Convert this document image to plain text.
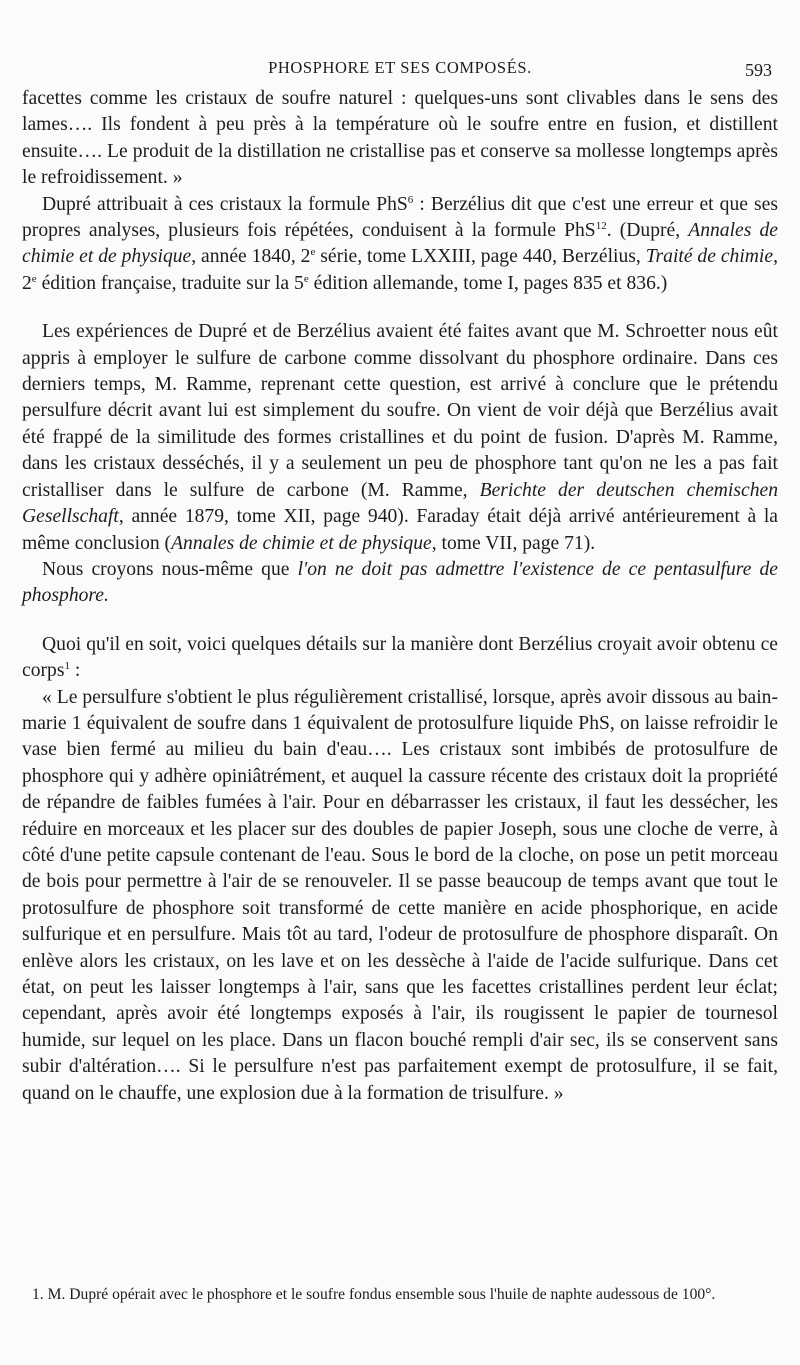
PHOSPHORE ET SES COMPOSÉS.	593

facettes comme les cristaux de soufre naturel : quelques-uns sont clivables dans le sens des lames…. Ils fondent à peu près à la température où le soufre entre en fusion, et distillent ensuite…. Le produit de la distillation ne cristallise pas et conserve sa mollesse longtemps après le refroidissement. »

Dupré attribuait à ces cristaux la formule PhS$^6$ : Berzélius dit que c'est une erreur et que ses propres analyses, plusieurs fois répétées, conduisent à la formule PhS$^{12}$. (Dupré, Annales de chimie et de physique, année 1840, 2e série, tome LXXIII, page 440, Berzélius, Traité de chimie, 2e édition française, traduite sur la 5e édition allemande, tome I, pages 835 et 836.)

Les expériences de Dupré et de Berzélius avaient été faites avant que M. Schroetter nous eût appris à employer le sulfure de carbone comme dissolvant du phosphore ordinaire. Dans ces derniers temps, M. Ramme, reprenant cette question, est arrivé à conclure que le prétendu persulfure décrit avant lui est simplement du soufre. On vient de voir déjà que Berzélius avait été frappé de la similitude des formes cristallines et du point de fusion. D'après M. Ramme, dans les cristaux desséchés, il y a seulement un peu de phosphore tant qu'on ne les a pas fait cristalliser dans le sulfure de carbone (M. Ramme, Berichte der deutschen chemischen Gesellschaft, année 1879, tome XII, page 940). Faraday était déjà arrivé antérieurement à la même conclusion (Annales de chimie et de physique, tome VII, page 71).

Nous croyons nous-même que l'on ne doit pas admettre l'existence de ce pentasulfure de phosphore.

Quoi qu'il en soit, voici quelques détails sur la manière dont Berzélius croyait avoir obtenu ce corps$^1$ :

« Le persulfure s'obtient le plus régulièrement cristallisé, lorsque, après avoir dissous au bain-marie 1 équivalent de soufre dans 1 équivalent de protosulfure liquide PhS, on laisse refroidir le vase bien fermé au milieu du bain d'eau…. Les cristaux sont imbibés de protosulfure de phosphore qui y adhère opiniâtrément, et auquel la cassure récente des cristaux doit la propriété de répandre de faibles fumées à l'air. Pour en débarrasser les cristaux, il faut les dessécher, les réduire en morceaux et les placer sur des doubles de papier Joseph, sous une cloche de verre, à côté d'une petite capsule contenant de l'eau. Sous le bord de la cloche, on pose un petit morceau de bois pour permettre à l'air de se renouveler. Il se passe beaucoup de temps avant que tout le protosulfure de phosphore soit transformé de cette manière en acide phosphorique, en acide sulfurique et en persulfure. Mais tôt au tard, l'odeur de protosulfure de phosphore disparaît. On enlève alors les cristaux, on les lave et on les dessèche à l'aide de l'acide sulfurique. Dans cet état, on peut les laisser longtemps à l'air, sans que les facettes cristallines perdent leur éclat; cependant, après avoir été longtemps exposés à l'air, ils rougissent le papier de tournesol humide, sur lequel on les place. Dans un flacon bouché rempli d'air sec, ils se conservent sans subir d'altération…. Si le persulfure n'est pas parfaitement exempt de protosulfure, il se fait, quand on le chauffe, une explosion due à la formation de trisulfure. »

1. M. Dupré opérait avec le phosphore et le soufre fondus ensemble sous l'huile de naphte audessous de 100°.
